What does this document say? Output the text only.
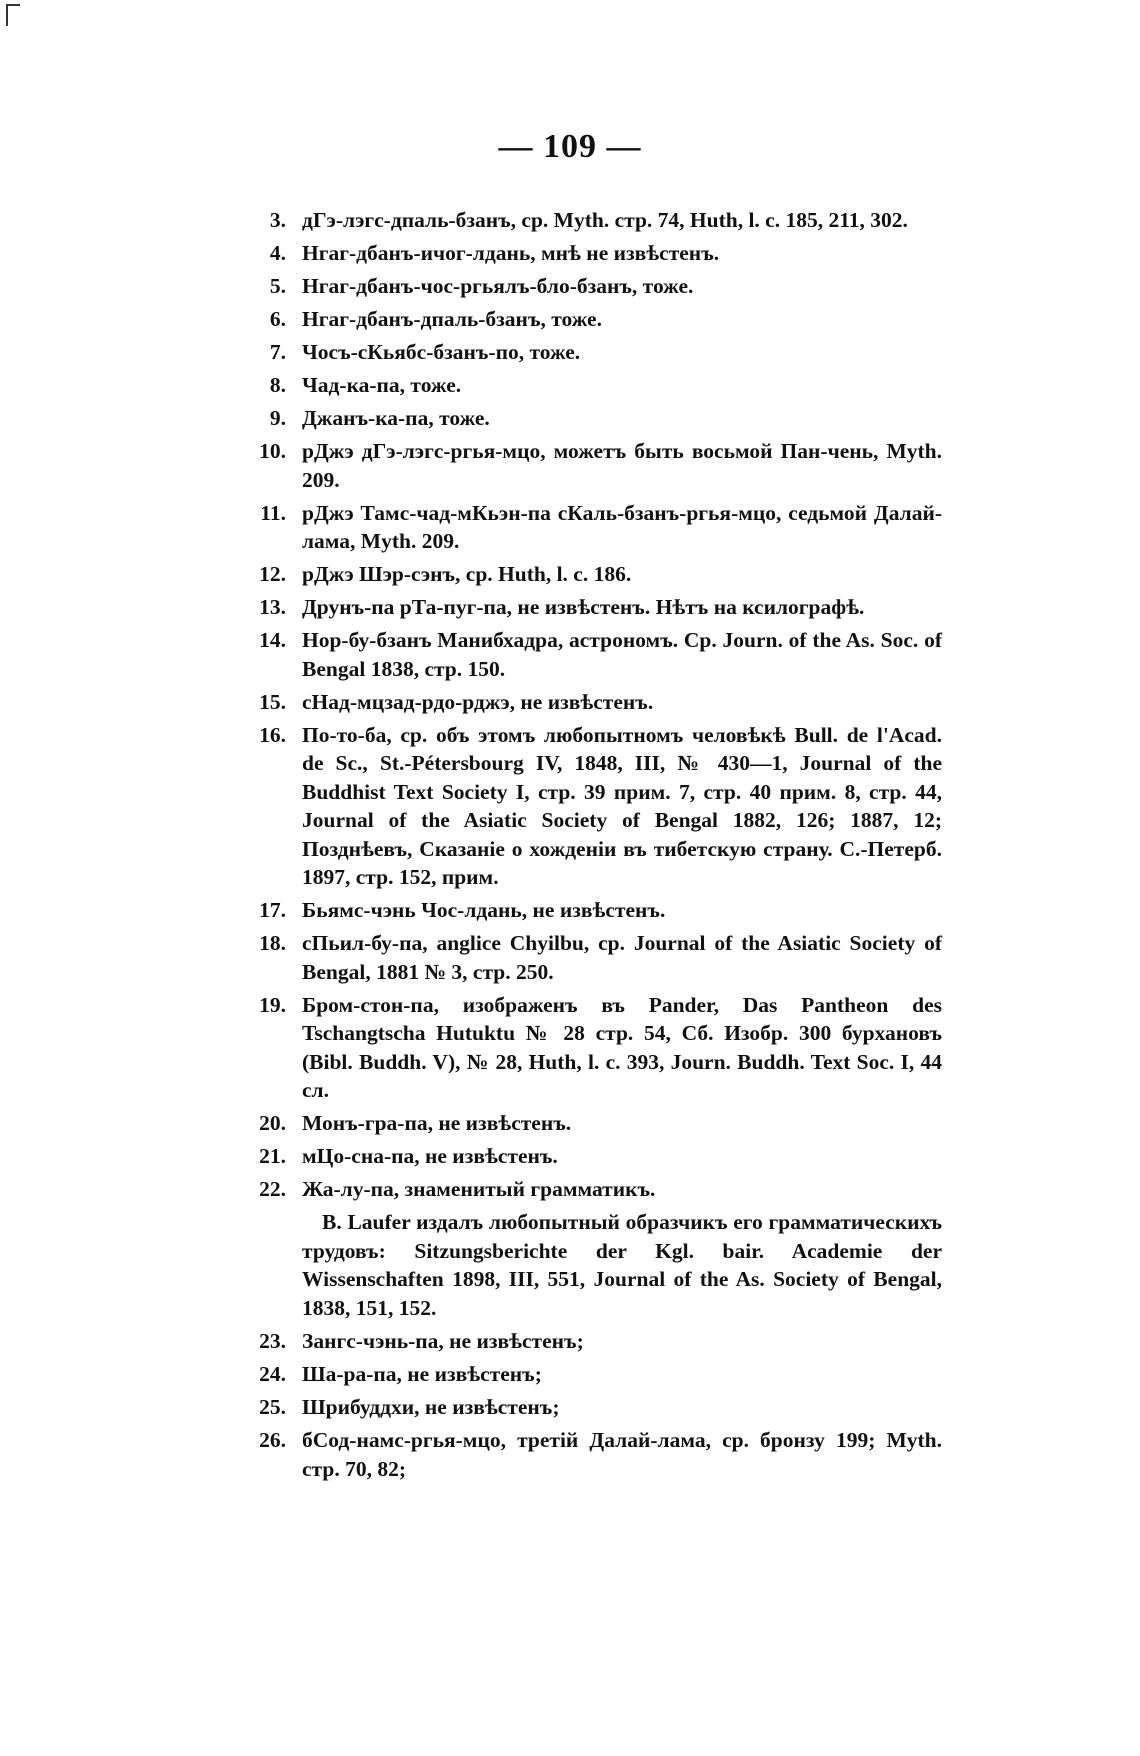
— 109 —
3. дГэ-лэгс-дпаль-бзанъ, ср. Myth. стр. 74, Huth, l. c. 185, 211, 302.
4. Нгаг-дбанъ-ичог-лдань, мнѣ не извѣстенъ.
5. Нгаг-дбанъ-чос-ргьялъ-бло-бзанъ, тоже.
6. Нгаг-дбанъ-дпаль-бзанъ, тоже.
7. Чосъ-сКьябс-бзанъ-по, тоже.
8. Чад-ка-па, тоже.
9. Джанъ-ка-па, тоже.
10. рДжэ дГэ-лэгс-ргья-мцо, можетъ быть восьмой Пан-чень, Myth. 209.
11. рДжэ Тамс-чад-мКьэн-па сКаль-бзанъ-ргья-мцо, седьмой Далай-лама, Myth. 209.
12. рДжэ Шэр-сэнъ, ср. Huth, l. c. 186.
13. Друнъ-па рТа-пуг-па, не извѣстенъ. Нѣтъ на ксилографѣ.
14. Нор-бу-бзанъ Манибхадра, астрономъ. Ср. Journ. of the As. Soc. of Bengal 1838, стр. 150.
15. сНад-мцзад-рдо-рджэ, не извѣстенъ.
16. По-то-ба, ср. объ этомъ любопытномъ человѣкѣ Bull. de l'Acad. de Sc., St.-Pétersbourg IV, 1848, III, № 430—1, Journal of the Buddhist Text Society I, стр. 39 прим. 7, стр. 40 прим. 8, стр. 44, Journal of the Asiatic Society of Bengal 1882, 126; 1887, 12; Позднѣевъ, Сказаніе о хожденіи въ тибетскую страну. С.-Петерб. 1897, стр. 152, прим.
17. Бьямс-чэнь Чос-лдань, не извѣстенъ.
18. сПьил-бу-па, anglice Chyilbu, ср. Journal of the Asiatic Society of Bengal, 1881 № 3, стр. 250.
19. Бром-стон-па, изображенъ въ Pander, Das Pantheon des Tschangtscha Hutuktu № 28 стр. 54, Сб. Изобр. 300 бурхановъ (Bibl. Buddh. V), № 28, Huth, l. c. 393, Journ. Buddh. Text Soc. I, 44 сл.
20. Монъ-гра-па, не извѣстенъ.
21. мЦо-сна-па, не извѣстенъ.
22. Жа-лу-па, знаменитый грамматикъ.
B. Laufer издалъ любопытный образчикъ его грамматическихъ трудовъ: Sitzungsberichte der Kgl. bair. Academie der Wissenschaften 1898, III, 551, Journal of the As. Society of Bengal, 1838, 151, 152.
23. Зангс-чэнь-па, не извѣстенъ;
24. Ша-ра-па, не извѣстенъ;
25. Шрибуддхи, не извѣстенъ;
26. бСод-намс-ргья-мцо, третій Далай-лама, ср. бронзу 199; Myth. стр. 70, 82;
